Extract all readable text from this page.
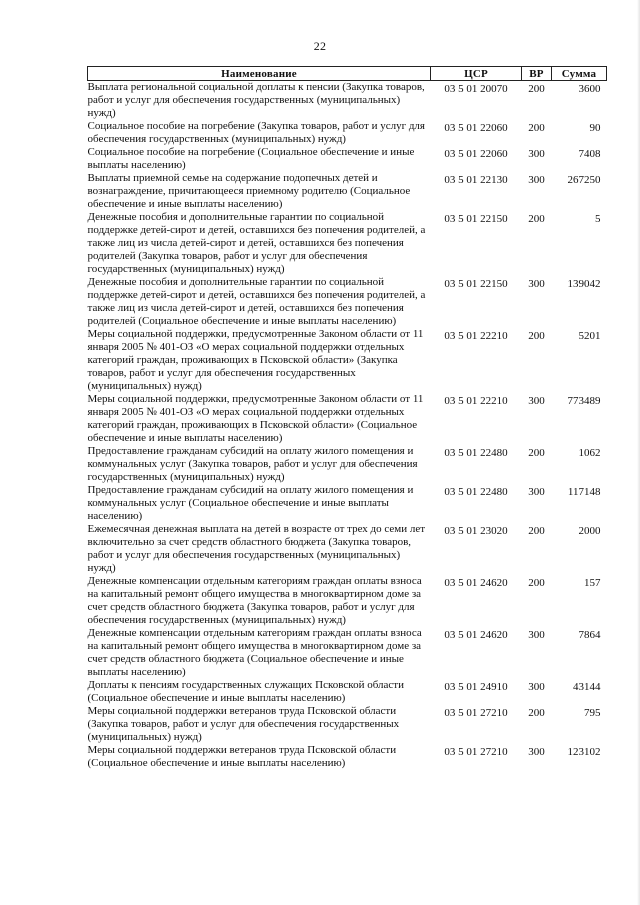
22
Наименование	ЦСР	ВР	Сумма
Выплата региональной социальной доплаты к пенсии (Закупка товаров, работ и услуг для обеспечения государственных (муниципальных) нужд)	03 5 01 20070	200	3600
Социальное пособие на погребение (Закупка товаров, работ и услуг для обеспечения государственных (муниципальных) нужд)	03 5 01 22060	200	90
Социальное пособие на погребение (Социальное обеспечение и иные выплаты населению)	03 5 01 22060	300	7408
Выплаты приемной семье на содержание подопечных детей и вознаграждение, причитающееся приемному родителю (Социальное обеспечение и иные выплаты населению)	03 5 01 22130	300	267250
Денежные пособия и дополнительные гарантии по социальной поддержке детей-сирот и детей, оставшихся без попечения родителей, а также лиц из числа детей-сирот и детей, оставшихся без попечения родителей (Закупка товаров, работ и услуг для обеспечения государственных (муниципальных) нужд)	03 5 01 22150	200	5
Денежные пособия и дополнительные гарантии по социальной поддержке детей-сирот и детей, оставшихся без попечения родителей, а также лиц из числа детей-сирот и детей, оставшихся без попечения родителей (Социальное обеспечение и иные выплаты населению)	03 5 01 22150	300	139042
Меры социальной поддержки, предусмотренные Законом области от 11 января 2005 № 401-ОЗ «О мерах социальной поддержки отдельных категорий граждан, проживающих в Псковской области» (Закупка товаров, работ и услуг для обеспечения государственных (муниципальных) нужд)	03 5 01 22210	200	5201
Меры социальной поддержки, предусмотренные Законом области от 11 января 2005 № 401-ОЗ «О мерах социальной поддержки отдельных категорий граждан, проживающих в Псковской области» (Социальное обеспечение и иные выплаты населению)	03 5 01 22210	300	773489
Предоставление гражданам субсидий на оплату жилого помещения и коммунальных услуг (Закупка товаров, работ и услуг для обеспечения государственных (муниципальных) нужд)	03 5 01 22480	200	1062
Предоставление гражданам субсидий на оплату жилого помещения и коммунальных услуг (Социальное обеспечение и иные выплаты населению)	03 5 01 22480	300	117148
Ежемесячная денежная выплата на детей в возрасте от трех до семи лет включительно за счет средств областного бюджета (Закупка товаров, работ и услуг для обеспечения государственных (муниципальных) нужд)	03 5 01 23020	200	2000
Денежные компенсации отдельным категориям граждан оплаты взноса на капитальный ремонт общего имущества в многоквартирном доме за счет средств областного бюджета (Закупка товаров, работ и услуг для обеспечения государственных (муниципальных) нужд)	03 5 01 24620	200	157
Денежные компенсации отдельным категориям граждан оплаты взноса на капитальный ремонт общего имущества в многоквартирном доме за счет средств областного бюджета (Социальное обеспечение и иные выплаты населению)	03 5 01 24620	300	7864
Доплаты к пенсиям государственных служащих Псковской области (Социальное обеспечение и иные выплаты населению)	03 5 01 24910	300	43144
Меры социальной поддержки ветеранов труда Псковской области (Закупка товаров, работ и услуг для обеспечения государственных (муниципальных) нужд)	03 5 01 27210	200	795
Меры социальной поддержки ветеранов труда Псковской области (Социальное обеспечение и иные выплаты населению)	03 5 01 27210	300	123102
